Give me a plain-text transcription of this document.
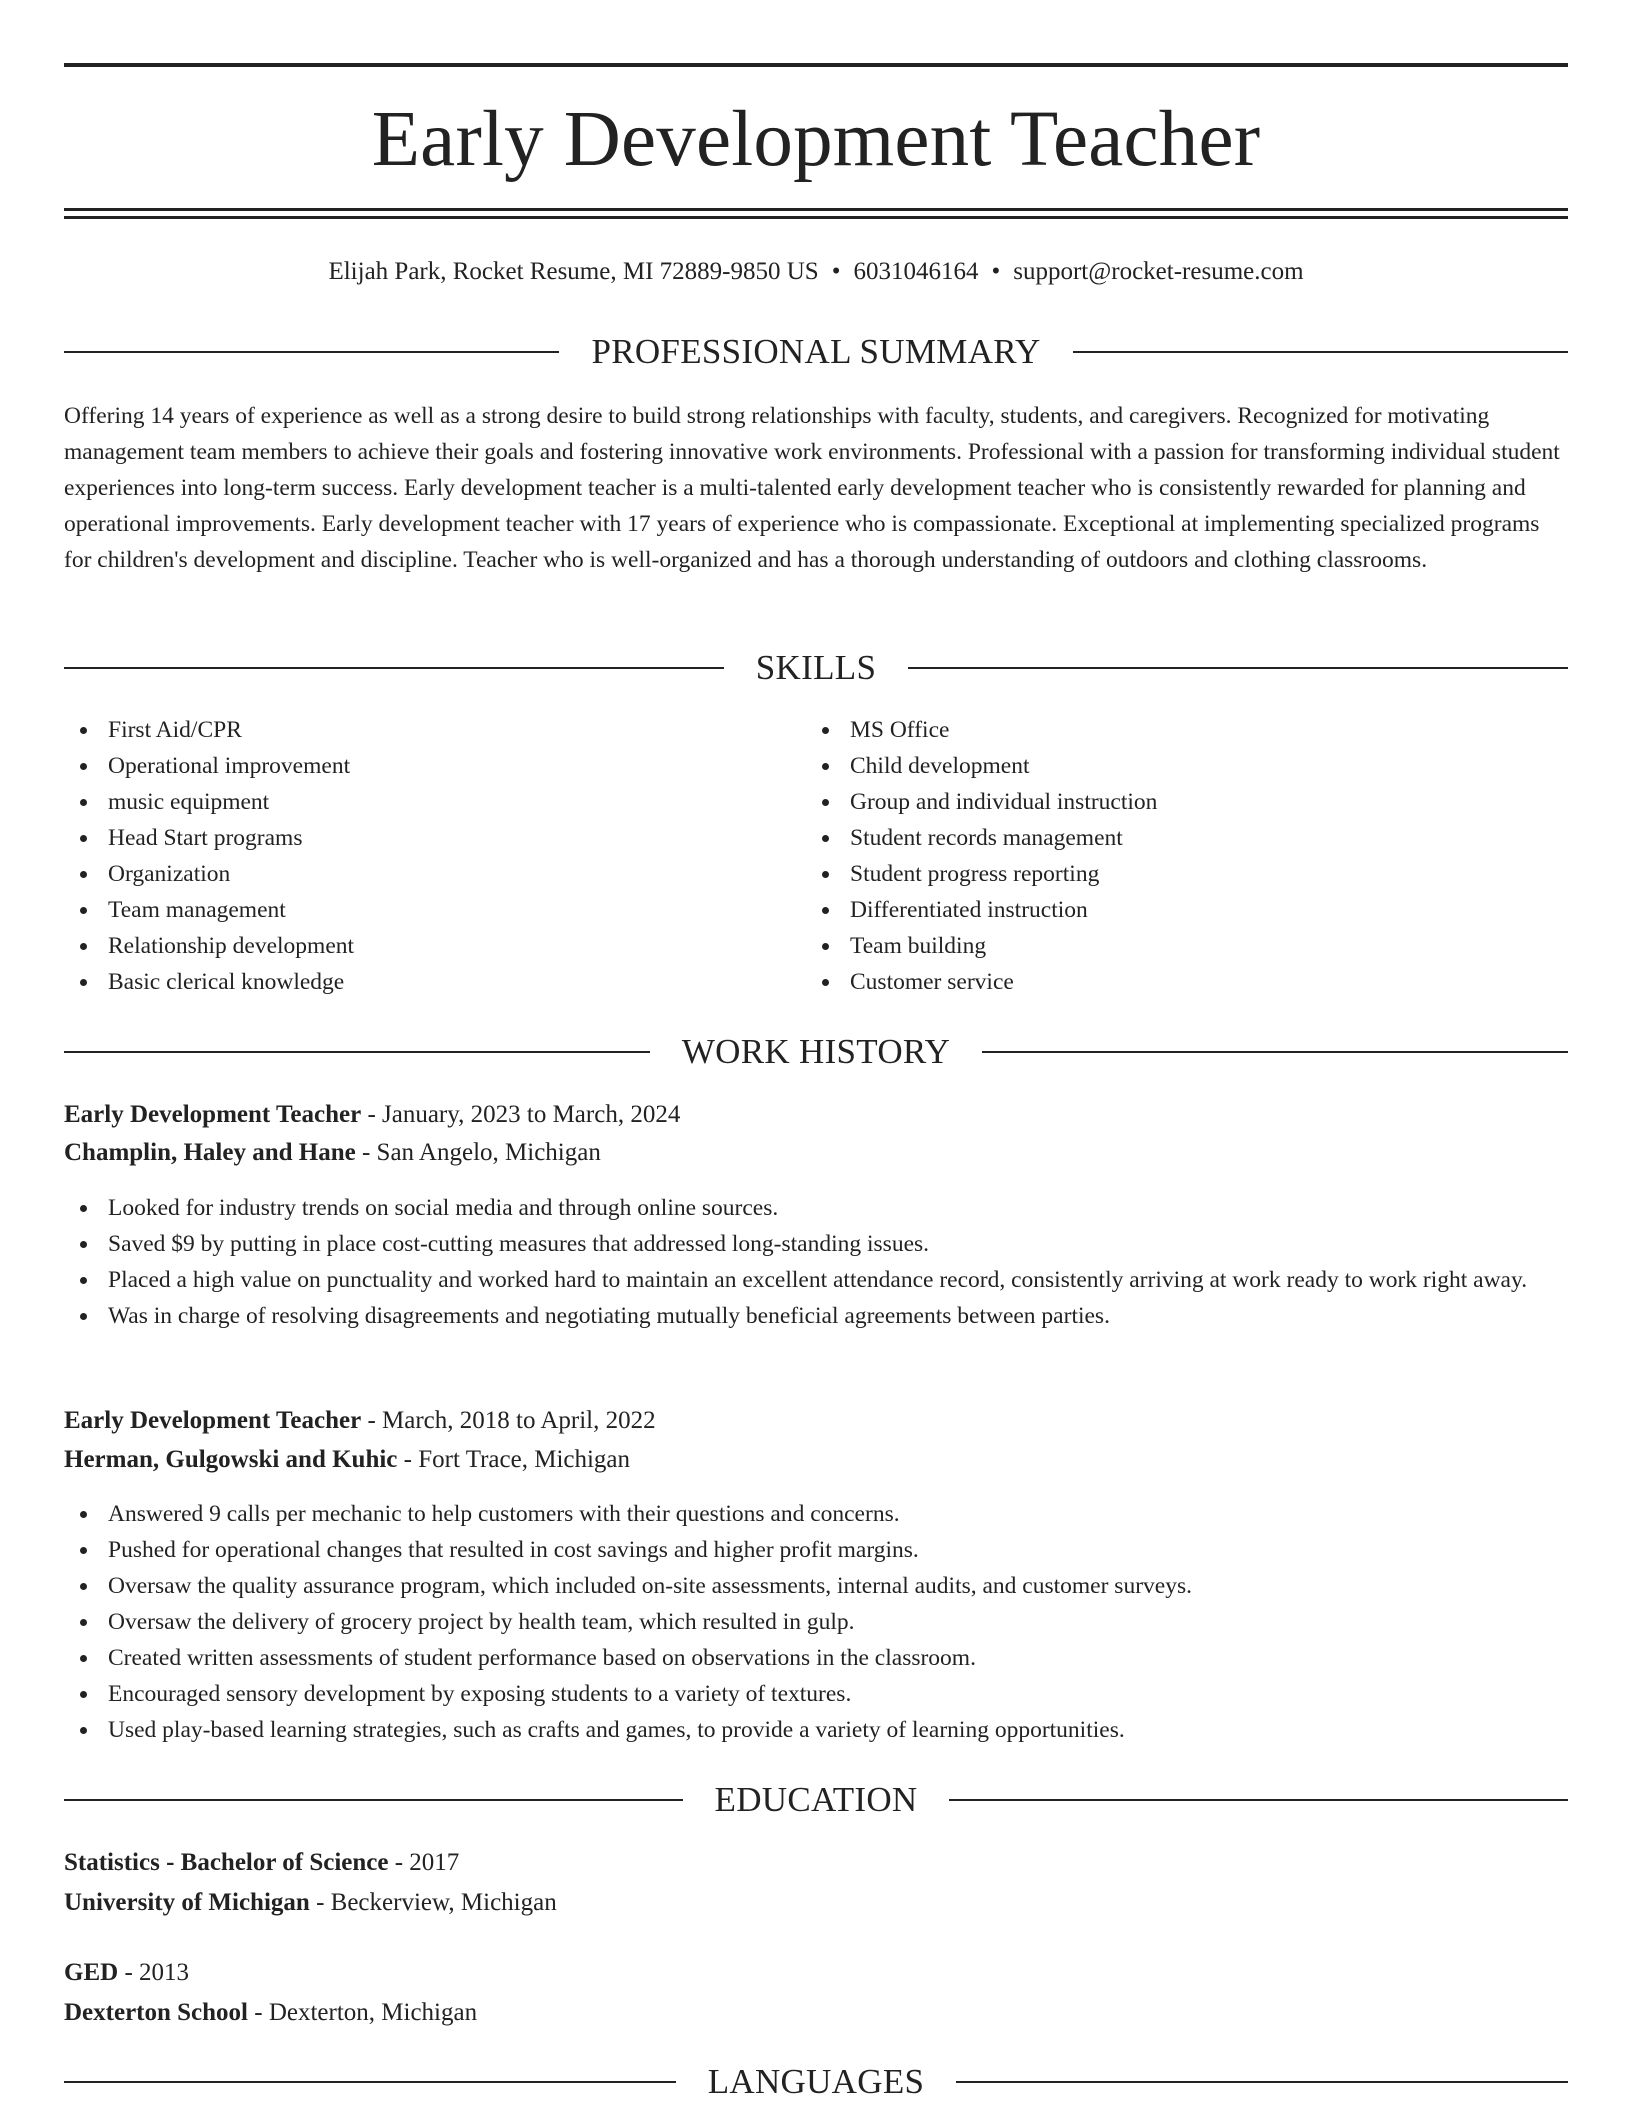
Early Development Teacher
Elijah Park, Rocket Resume, MI 72889-9850 US • 6031046164 • support@rocket-resume.com
PROFESSIONAL SUMMARY
Offering 14 years of experience as well as a strong desire to build strong relationships with faculty, students, and caregivers. Recognized for motivating management team members to achieve their goals and fostering innovative work environments. Professional with a passion for transforming individual student experiences into long-term success. Early development teacher is a multi-talented early development teacher who is consistently rewarded for planning and operational improvements. Early development teacher with 17 years of experience who is compassionate. Exceptional at implementing specialized programs for children's development and discipline. Teacher who is well-organized and has a thorough understanding of outdoors and clothing classrooms.
SKILLS
First Aid/CPR
Operational improvement
music equipment
Head Start programs
Organization
Team management
Relationship development
Basic clerical knowledge
MS Office
Child development
Group and individual instruction
Student records management
Student progress reporting
Differentiated instruction
Team building
Customer service
WORK HISTORY
Early Development Teacher - January, 2023 to March, 2024
Champlin, Haley and Hane - San Angelo, Michigan
Looked for industry trends on social media and through online sources.
Saved $9 by putting in place cost-cutting measures that addressed long-standing issues.
Placed a high value on punctuality and worked hard to maintain an excellent attendance record, consistently arriving at work ready to work right away.
Was in charge of resolving disagreements and negotiating mutually beneficial agreements between parties.
Early Development Teacher - March, 2018 to April, 2022
Herman, Gulgowski and Kuhic - Fort Trace, Michigan
Answered 9 calls per mechanic to help customers with their questions and concerns.
Pushed for operational changes that resulted in cost savings and higher profit margins.
Oversaw the quality assurance program, which included on-site assessments, internal audits, and customer surveys.
Oversaw the delivery of grocery project by health team, which resulted in gulp.
Created written assessments of student performance based on observations in the classroom.
Encouraged sensory development by exposing students to a variety of textures.
Used play-based learning strategies, such as crafts and games, to provide a variety of learning opportunities.
EDUCATION
Statistics - Bachelor of Science - 2017
University of Michigan - Beckerview, Michigan
GED - 2013
Dexterton School - Dexterton, Michigan
LANGUAGES
